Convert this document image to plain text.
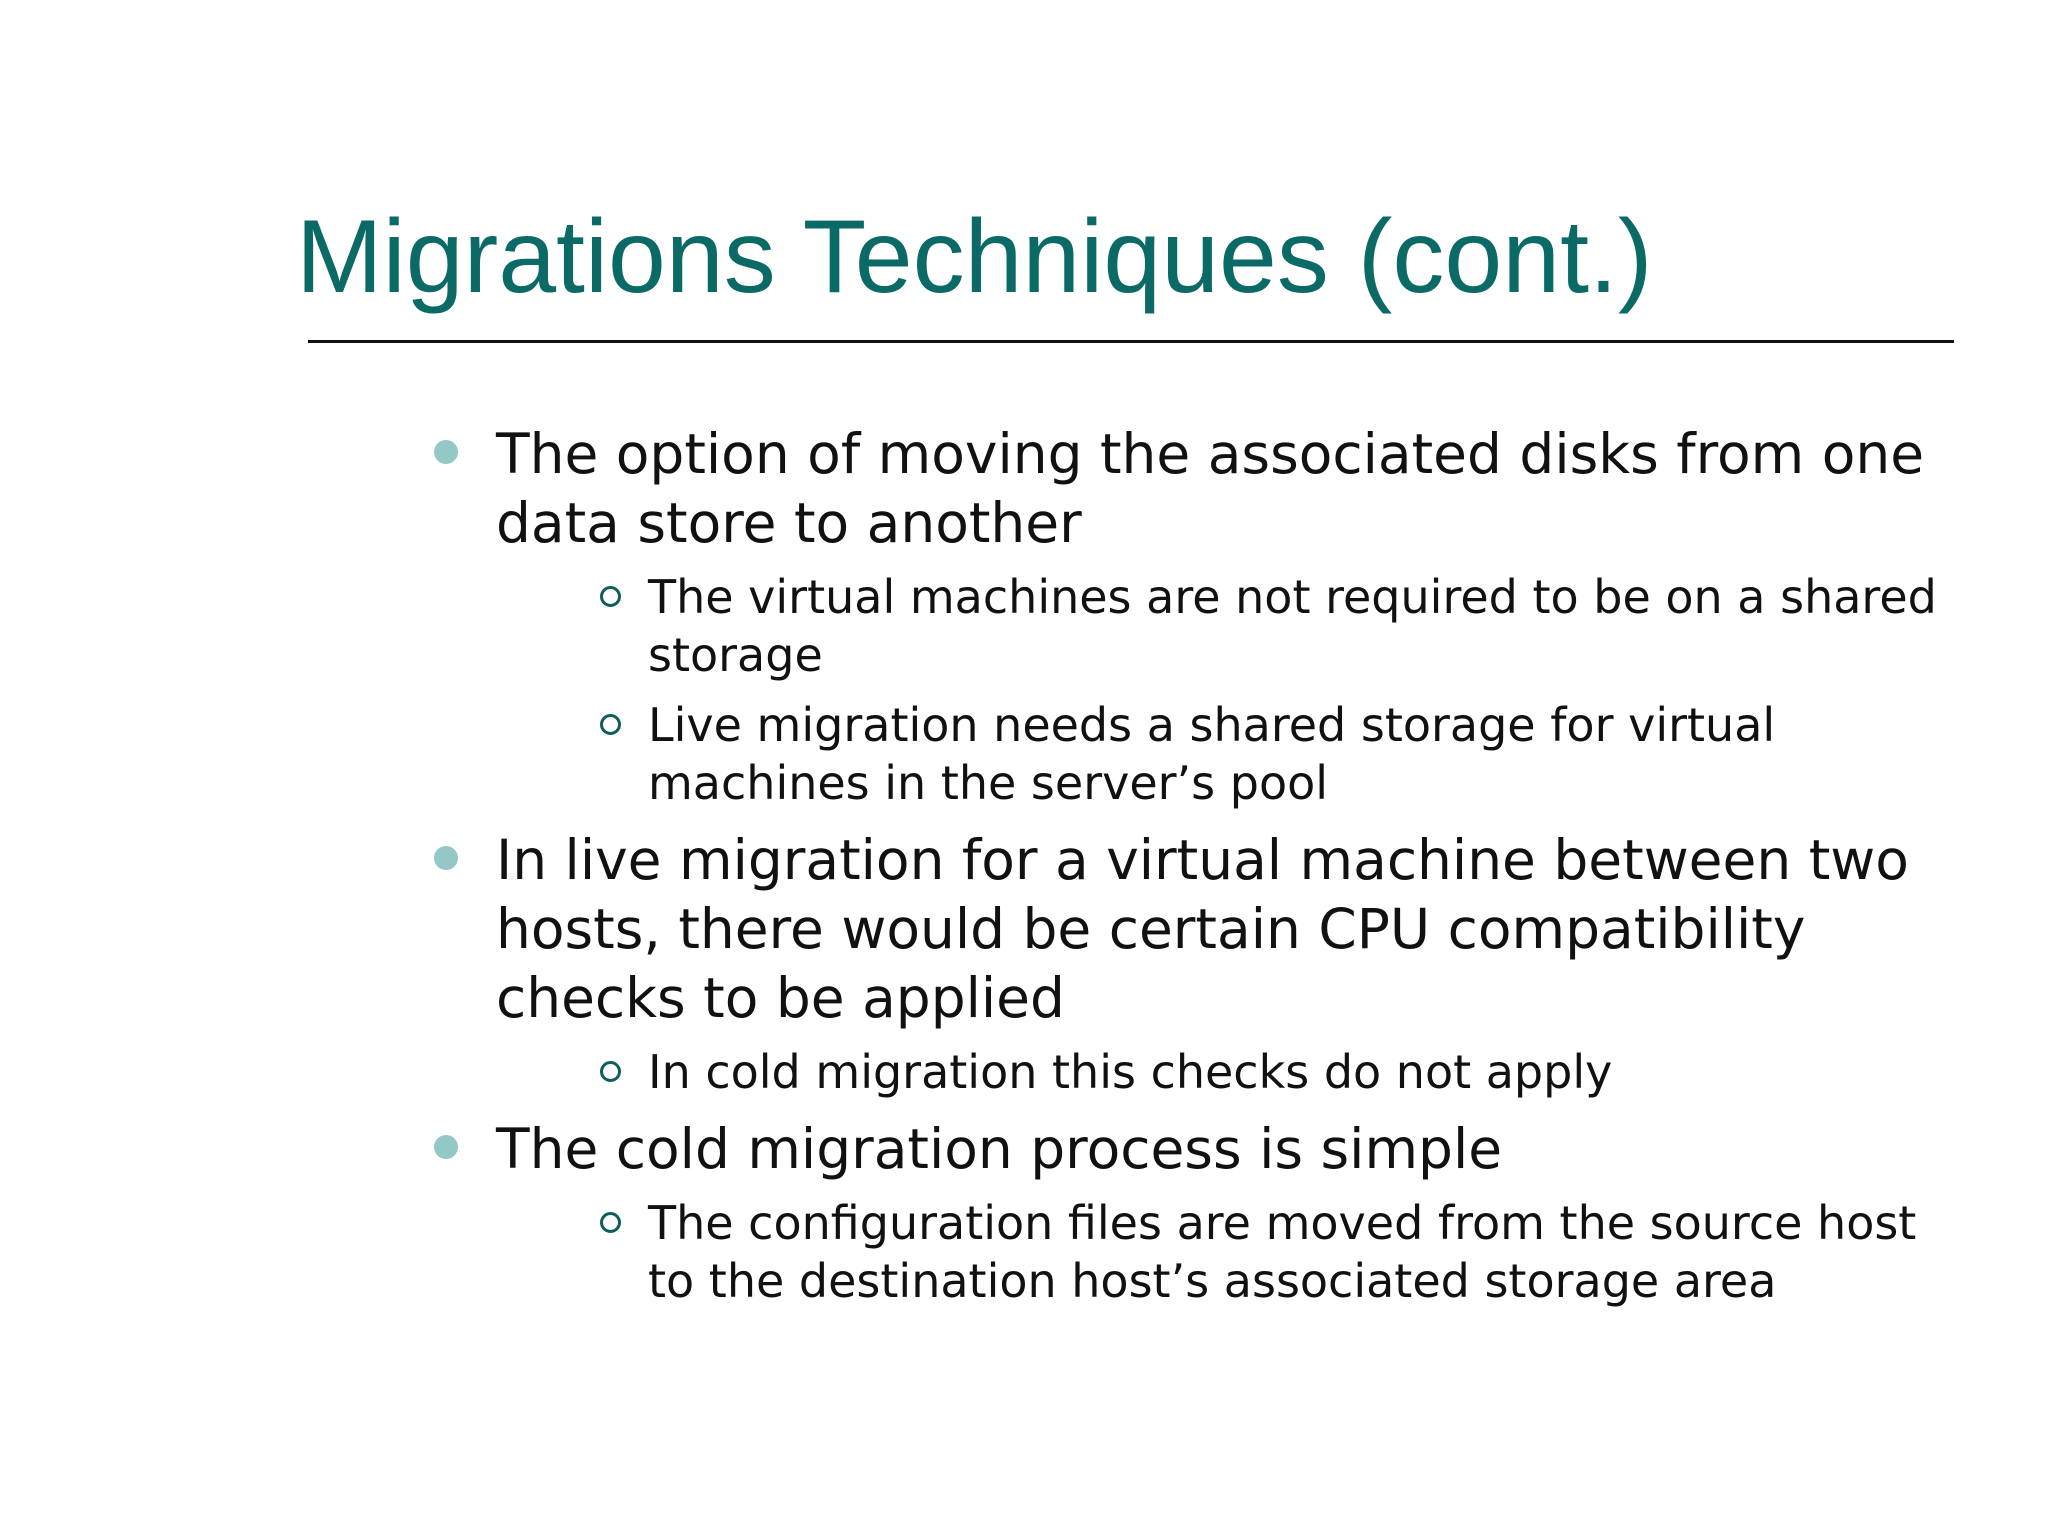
Migrations Techniques (cont.)
The option of moving the associated disks from one data store to another
The virtual machines are not required to be on a shared storage
Live migration needs a shared storage for virtual machines in the server’s pool
In live migration for a virtual machine between two hosts, there would be certain CPU compatibility checks to be applied
In cold migration this checks do not apply
The cold migration process is simple
The configuration files are moved from the source host to the destination host’s associated storage area
